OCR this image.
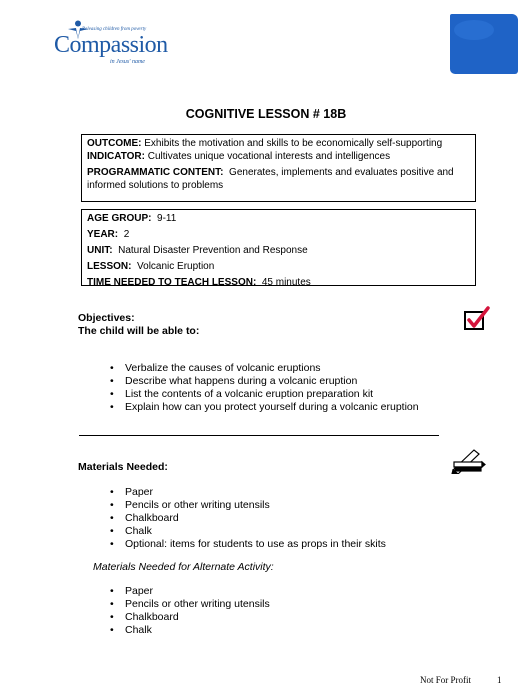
Releasing children from poverty
Compassion
in Jesus' name
COGNITIVE LESSON # 18B

OUTCOME: Exhibits the motivation and skills to be economically self-supporting

INDICATOR: Cultivates unique vocational interests and intelligences

PROGRAMMATIC CONTENT: Generates, implements and evaluates positive and informed solutions to problems

AGE GROUP: 9-11

YEAR: 2

UNIT: Natural Disaster Prevention and Response

LESSON: Volcanic Eruption

TIME NEEDED TO TEACH LESSON: 45 minutes

Objectives:
The child will be able to:
• Verbalize the causes of volcanic eruptions
• Describe what happens during a volcanic eruption
• List the contents of a volcanic eruption preparation kit
• Explain how can you protect yourself during a volcanic eruption
Materials Needed:
• Paper
• Pencils or other writing utensils
• Chalkboard
• Chalk
• Optional: items for students to use as props in their skits
Materials Needed for Alternate Activity:
• Paper
• Pencils or other writing utensils
• Chalkboard
• Chalk
Not For Profit	1
